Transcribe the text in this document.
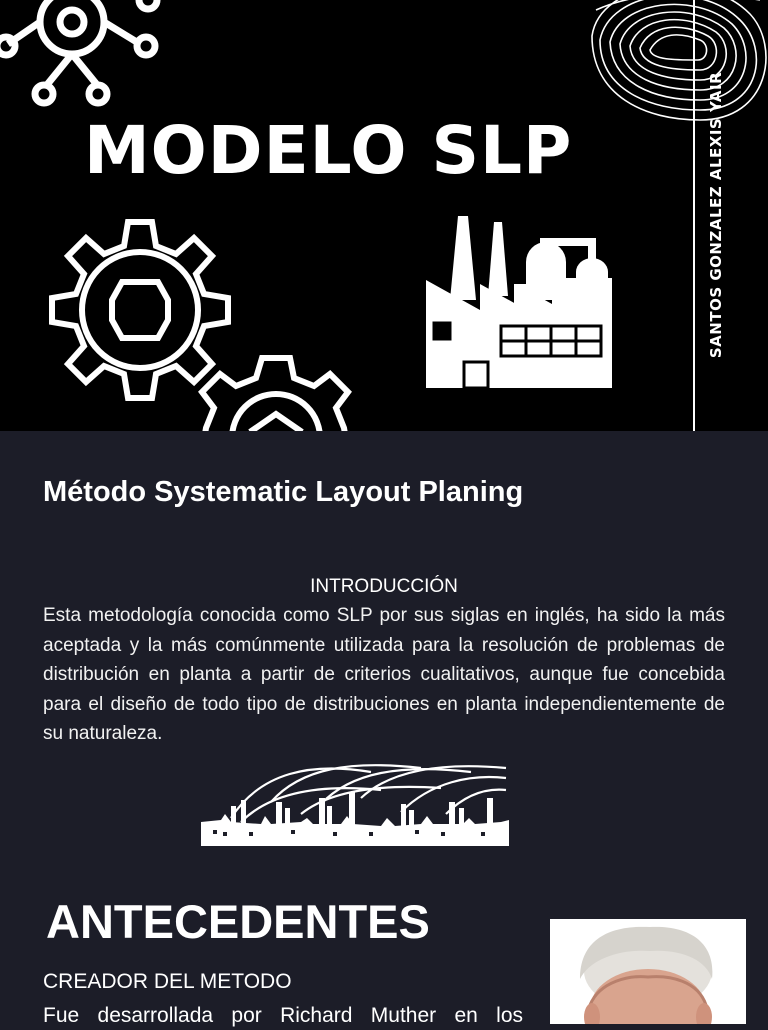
MODELO SLP	SANTOS GONZALEZ ALEXIS YAIR
Método Systematic Layout Planing
INTRODUCCIÓN
Esta metodología conocida como SLP por sus siglas en inglés, ha sido la más aceptada y la más comúnmente utilizada para la resolución de problemas de distribución en planta a partir de criterios cualitativos, aunque fue concebida para el diseño de todo tipo de distribuciones en planta independientemente de su naturaleza.
ANTECEDENTES
CREADOR DEL METODO
Fue desarrollada por Richard Muther en los
